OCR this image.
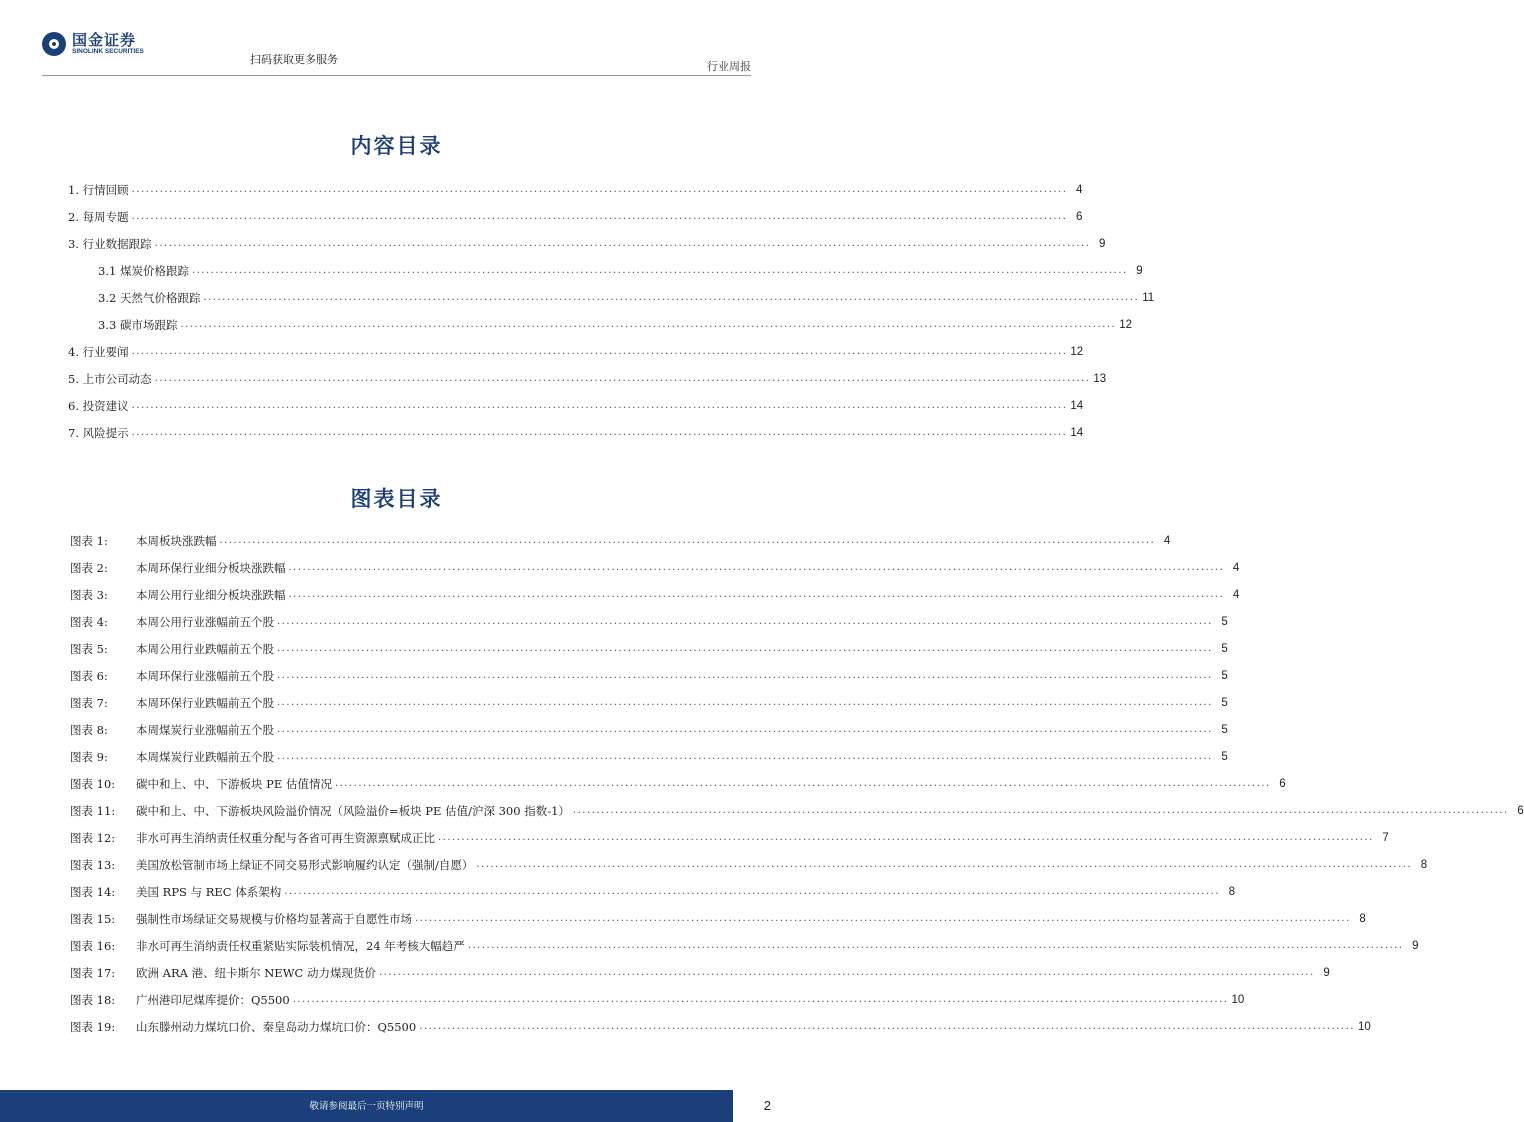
国金证券
SINOLINK SECURITIES
扫码获取更多服务
行业周报
内容目录
1. 行情回顾 ........................................................................................................................................................................................................ 4
2. 每周专题 ........................................................................................................................................................................................................ 6
3. 行业数据跟踪 ........................................................................................................................................................................................................ 9
3.1 煤炭价格跟踪 ........................................................................................................................................................................................................ 9
3.2 天然气价格跟踪 ........................................................................................................................................................................................................ 11
3.3 碳市场跟踪 ........................................................................................................................................................................................................ 12
4. 行业要闻 ........................................................................................................................................................................................................ 12
5. 上市公司动态 ........................................................................................................................................................................................................ 13
6. 投资建议 ........................................................................................................................................................................................................ 14
7. 风险提示 ........................................................................................................................................................................................................ 14
图表目录
图表 1:	本周板块涨跌幅 ........................................................................................................................................................................................................ 4
图表 2:	本周环保行业细分板块涨跌幅 ........................................................................................................................................................................................................ 4
图表 3:	本周公用行业细分板块涨跌幅 ........................................................................................................................................................................................................ 4
图表 4:	本周公用行业涨幅前五个股 ........................................................................................................................................................................................................ 5
图表 5:	本周公用行业跌幅前五个股 ........................................................................................................................................................................................................ 5
图表 6:	本周环保行业涨幅前五个股 ........................................................................................................................................................................................................ 5
图表 7:	本周环保行业跌幅前五个股 ........................................................................................................................................................................................................ 5
图表 8:	本周煤炭行业涨幅前五个股 ........................................................................................................................................................................................................ 5
图表 9:	本周煤炭行业跌幅前五个股 ........................................................................................................................................................................................................ 5
图表 10:	碳中和上、中、下游板块 PE 估值情况 ........................................................................................................................................................................................................ 6
图表 11:	碳中和上、中、下游板块风险溢价情况（风险溢价=板块 PE 估值/沪深 300 指数-1） ........................................................................................................................................................................................................ 6
图表 12:	非水可再生消纳责任权重分配与各省可再生资源禀赋成正比 ........................................................................................................................................................................................................ 7
图表 13:	美国放松管制市场上绿证不同交易形式影响履约认定（强制/自愿） ........................................................................................................................................................................................................ 8
图表 14:	美国 RPS 与 REC 体系架构 ........................................................................................................................................................................................................ 8
图表 15:	强制性市场绿证交易规模与价格均显著高于自愿性市场 ........................................................................................................................................................................................................ 8
图表 16:	非水可再生消纳责任权重紧贴实际装机情况，24 年考核大幅趋严 ........................................................................................................................................................................................................ 9
图表 17:	欧洲 ARA 港、纽卡斯尔 NEWC 动力煤现货价 ........................................................................................................................................................................................................ 9
图表 18:	广州港印尼煤库提价：Q5500 ........................................................................................................................................................................................................ 10
图表 19:	山东滕州动力煤坑口价、秦皇岛动力煤坑口价：Q5500 ........................................................................................................................................................................................................ 10
敬请参阅最后一页特别声明	2
